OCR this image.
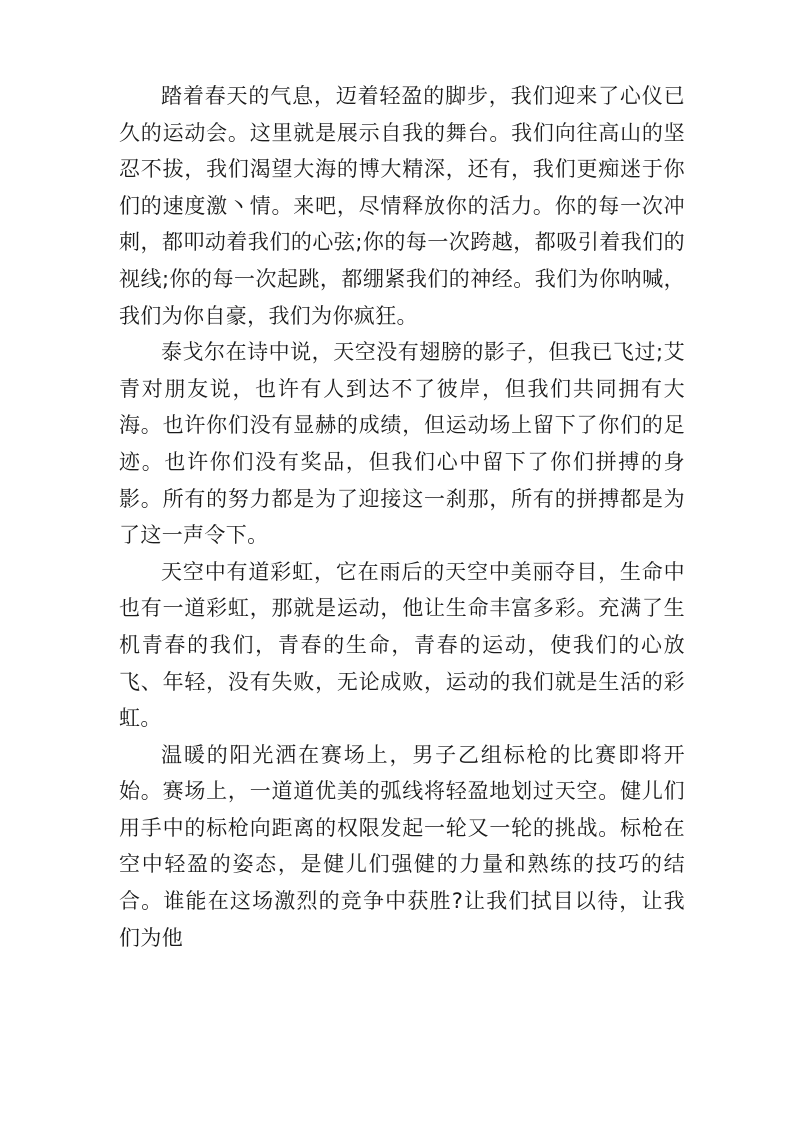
踏着春天的气息，迈着轻盈的脚步，我们迎来了心仪已久的运动会。这里就是展示自我的舞台。我们向往高山的坚忍不拔，我们渴望大海的博大精深，还有，我们更痴迷于你们的速度激丶情。来吧，尽情释放你的活力。你的每一次冲刺，都叩动着我们的心弦;你的每一次跨越，都吸引着我们的视线;你的每一次起跳，都绷紧我们的神经。我们为你呐喊，我们为你自豪，我们为你疯狂。

泰戈尔在诗中说，天空没有翅膀的影子，但我已飞过;艾青对朋友说，也许有人到达不了彼岸，但我们共同拥有大海。也许你们没有显赫的成绩，但运动场上留下了你们的足迹。也许你们没有奖品，但我们心中留下了你们拼搏的身影。所有的努力都是为了迎接这一刹那，所有的拼搏都是为了这一声令下。

天空中有道彩虹，它在雨后的天空中美丽夺目，生命中也有一道彩虹，那就是运动，他让生命丰富多彩。充满了生机青春的我们，青春的生命，青春的运动，使我们的心放飞、年轻，没有失败，无论成败，运动的我们就是生活的彩虹。

温暖的阳光洒在赛场上，男子乙组标枪的比赛即将开始。赛场上，一道道优美的弧线将轻盈地划过天空。健儿们用手中的标枪向距离的权限发起一轮又一轮的挑战。标枪在空中轻盈的姿态，是健儿们强健的力量和熟练的技巧的结合。谁能在这场激烈的竞争中获胜?让我们拭目以待，让我们为他
